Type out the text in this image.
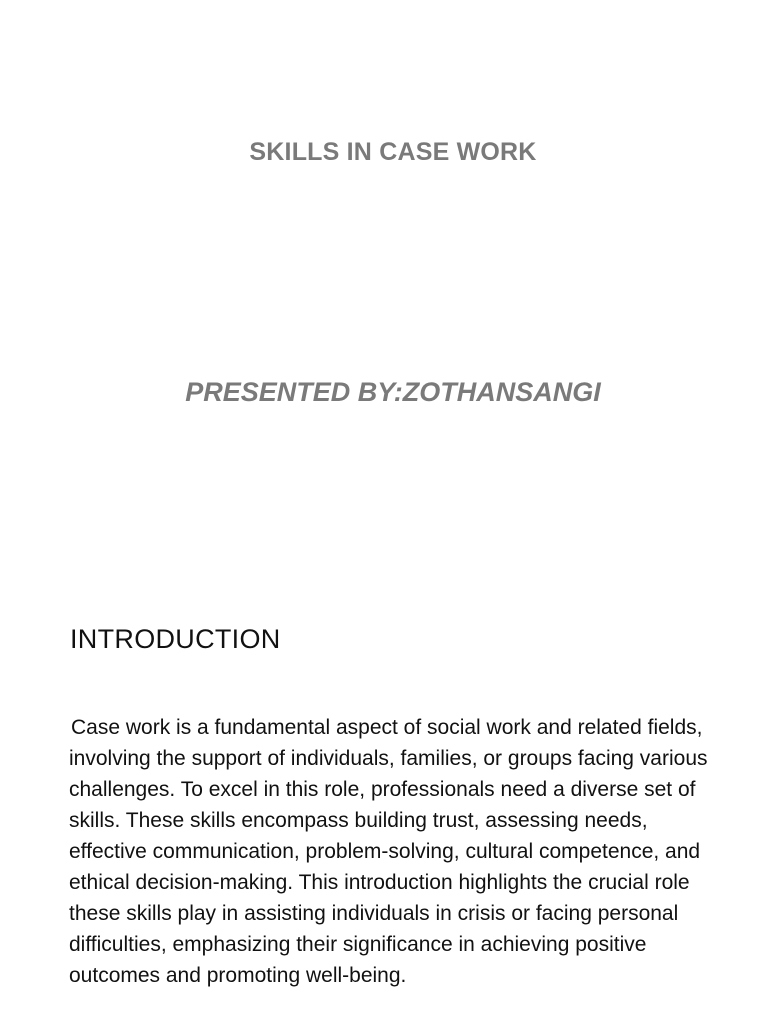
SKILLS IN CASE WORK
PRESENTED BY:ZOTHANSANGI
INTRODUCTION

Case work is a fundamental aspect of social work and related fields, involving the support of individuals, families, or groups facing various challenges. To excel in this role, professionals need a diverse set of skills. These skills encompass building trust, assessing needs, effective communication, problem-solving, cultural competence, and ethical decision-making. This introduction highlights the crucial role these skills play in assisting individuals in crisis or facing personal difficulties, emphasizing their significance in achieving positive outcomes and promoting well-being.
